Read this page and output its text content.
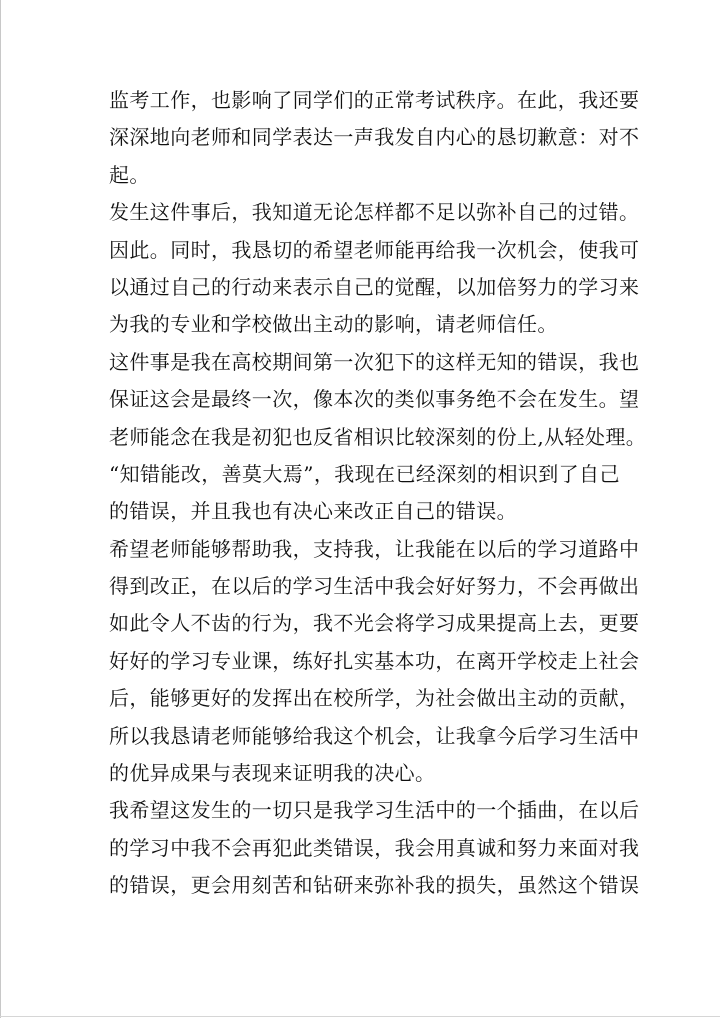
监考工作，也影响了同学们的正常考试秩序。在此，我还要
深深地向老师和同学表达一声我发自内心的恳切歉意：对不
起。
发生这件事后，我知道无论怎样都不足以弥补自己的过错。
因此。同时，我恳切的希望老师能再给我一次机会，使我可
以通过自己的行动来表示自己的觉醒，以加倍努力的学习来
为我的专业和学校做出主动的影响，请老师信任。
这件事是我在高校期间第一次犯下的这样无知的错误，我也
保证这会是最终一次，像本次的类似事务绝不会在发生。望
老师能念在我是初犯也反省相识比较深刻的份上,从轻处理。
“知错能改，善莫大焉”，我现在已经深刻的相识到了自己
的错误，并且我也有决心来改正自己的错误。
希望老师能够帮助我，支持我，让我能在以后的学习道路中
得到改正，在以后的学习生活中我会好好努力，不会再做出
如此令人不齿的行为，我不光会将学习成果提高上去，更要
好好的学习专业课，练好扎实基本功，在离开学校走上社会
后，能够更好的发挥出在校所学，为社会做出主动的贡献，
所以我恳请老师能够给我这个机会，让我拿今后学习生活中
的优异成果与表现来证明我的决心。
我希望这发生的一切只是我学习生活中的一个插曲，在以后
的学习中我不会再犯此类错误，我会用真诚和努力来面对我
的错误，更会用刻苦和钻研来弥补我的损失，虽然这个错误
